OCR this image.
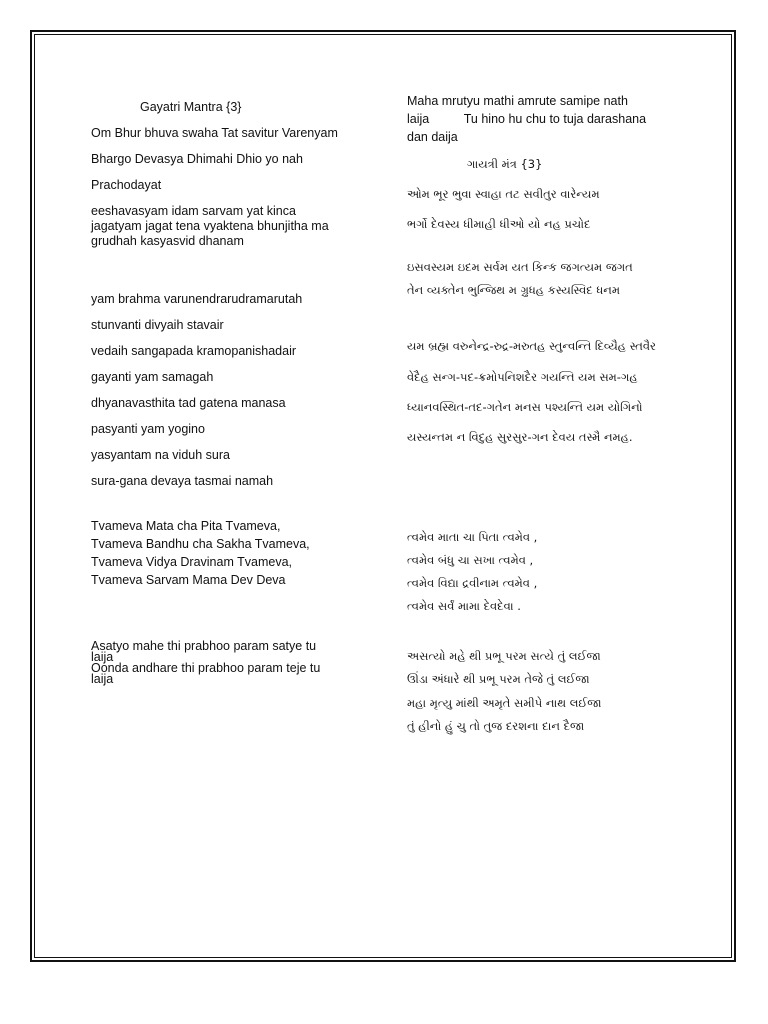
Gayatri Mantra {3}

Om Bhur bhuva swaha Tat savitur Varenyam

Bhargo Devasya Dhimahi Dhio yo nah

Prachodayat

eeshavasyam idam sarvam yat kinca
jagatyam jagat tena vyaktena bhunjitha ma
grudhah kasyasvid dhanam

yam brahma varunendrarudramarutah

stunvanti divyaih stavair

vedaih sangapada kramopanishadair

gayanti yam samagah

dhyanavasthita tad gatena manasa

pasyanti yam yogino

yasyantam na viduh sura

sura-gana devaya tasmai namah

Tvameva Mata cha Pita Tvameva,
Tvameva Bandhu cha Sakha Tvameva,
Tvameva Vidya Dravinam Tvameva,
Tvameva Sarvam Mama Dev Deva
Asatyo mahe thi prabhoo param satye tu
laija
Oonda andhare thi prabhoo param teje tu
laija
Maha mrutyu mathi amrute samipe nath
laija          Tu hino hu chu to tuja darashana
dan daija

ગાયત્રી મંત્ર {3}

ઓમ ભૂર ભુવા સ્વાહા તટ સવીતુર વારેન્યમ

ભર્ગો દેવસ્ય ધીમાહી ધીઓ યો નહ પ્રચોદ

ઇસવસ્યમ ઇદમ સર્વમ યત કિન્ક જગત્યમ જગત

તેન વ્યક્તેન ભુન્જિથ મ ગ્રુધહ કસ્યસ્વિદ ધનમ

યમ બ્રહ્મ વરુનેન્દ્ર-રુદ્ર-મરુતહ સ્તુન્વન્તિ દિવ્યૈહ સ્તવૈર

વેદૈહ સન્ગ-પદ-ક્રમોપનિશદૈર ગયન્તિ યમ સમ-ગહ

ધ્યાનવસ્થિત-તદ-ગતેન મનસ પશ્યન્તિ યમ યોગિનો

યસ્યન્તમ ન વિદુહ સુરસુર-ગન દેવય તસ્મૈ નમહ.

ત્વમેવ માતા ચા પિતા ત્વમેવ ,

ત્વમેવ બંધુ ચા સખા ત્વમેવ ,

ત્વમેવ વિદ્યા દ્રવીનામ ત્વમેવ ,

ત્વમેવ સર્વં મામા દેવદેવા .

અસત્યો મહે થી પ્રભૂ પરમ સત્યે તું લઈજા

ઊંડા અંધારે થી પ્રભૂ પરમ તેજે તું લઈજા

મહા મૃત્યુ માંથી અમૃતે સમીપે નાથ લઈજા

તું હીનો હું ચુ તો તુજ દરશના દાન દૈજા
